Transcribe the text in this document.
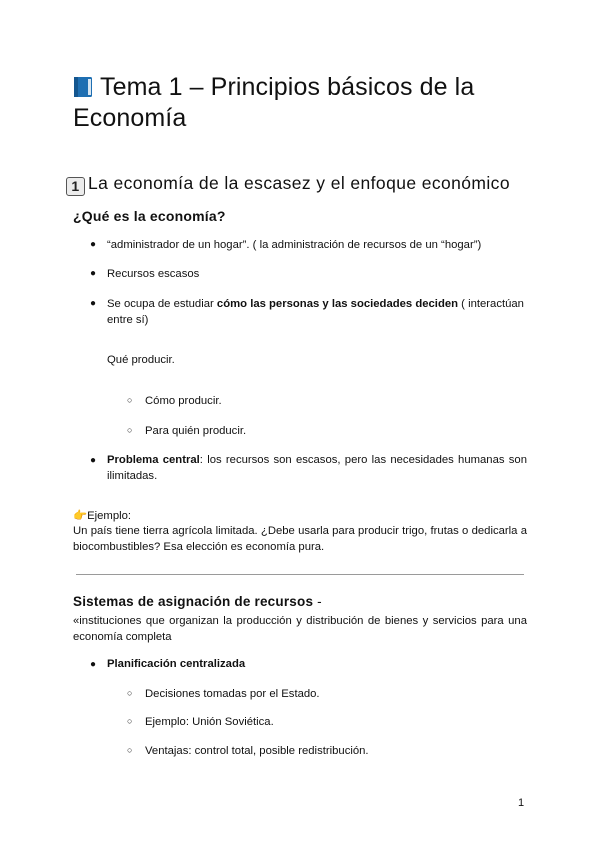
Tema 1 – Principios básicos de la Economía
1 La economía de la escasez y el enfoque económico
¿Qué es la economía?
● “administrador de un hogar”. ( la administración de recursos de un “hogar”)
● Recursos escasos
● Se ocupa de estudiar cómo las personas y las sociedades deciden ( interactúan entre sí)
Qué producir.
○ Cómo producir.
○ Para quién producir.
● Problema central: los recursos son escasos, pero las necesidades humanas son ilimitadas.
👉Ejemplo:
Un país tiene tierra agrícola limitada. ¿Debe usarla para producir trigo, frutas o dedicarla a biocombustibles? Esa elección es economía pura.
Sistemas de asignación de recursos -
«instituciones que organizan la producción y distribución de bienes y servicios para una economía completa
● Planificación centralizada
○ Decisiones tomadas por el Estado.
○ Ejemplo: Unión Soviética.
○ Ventajas: control total, posible redistribución.
1
